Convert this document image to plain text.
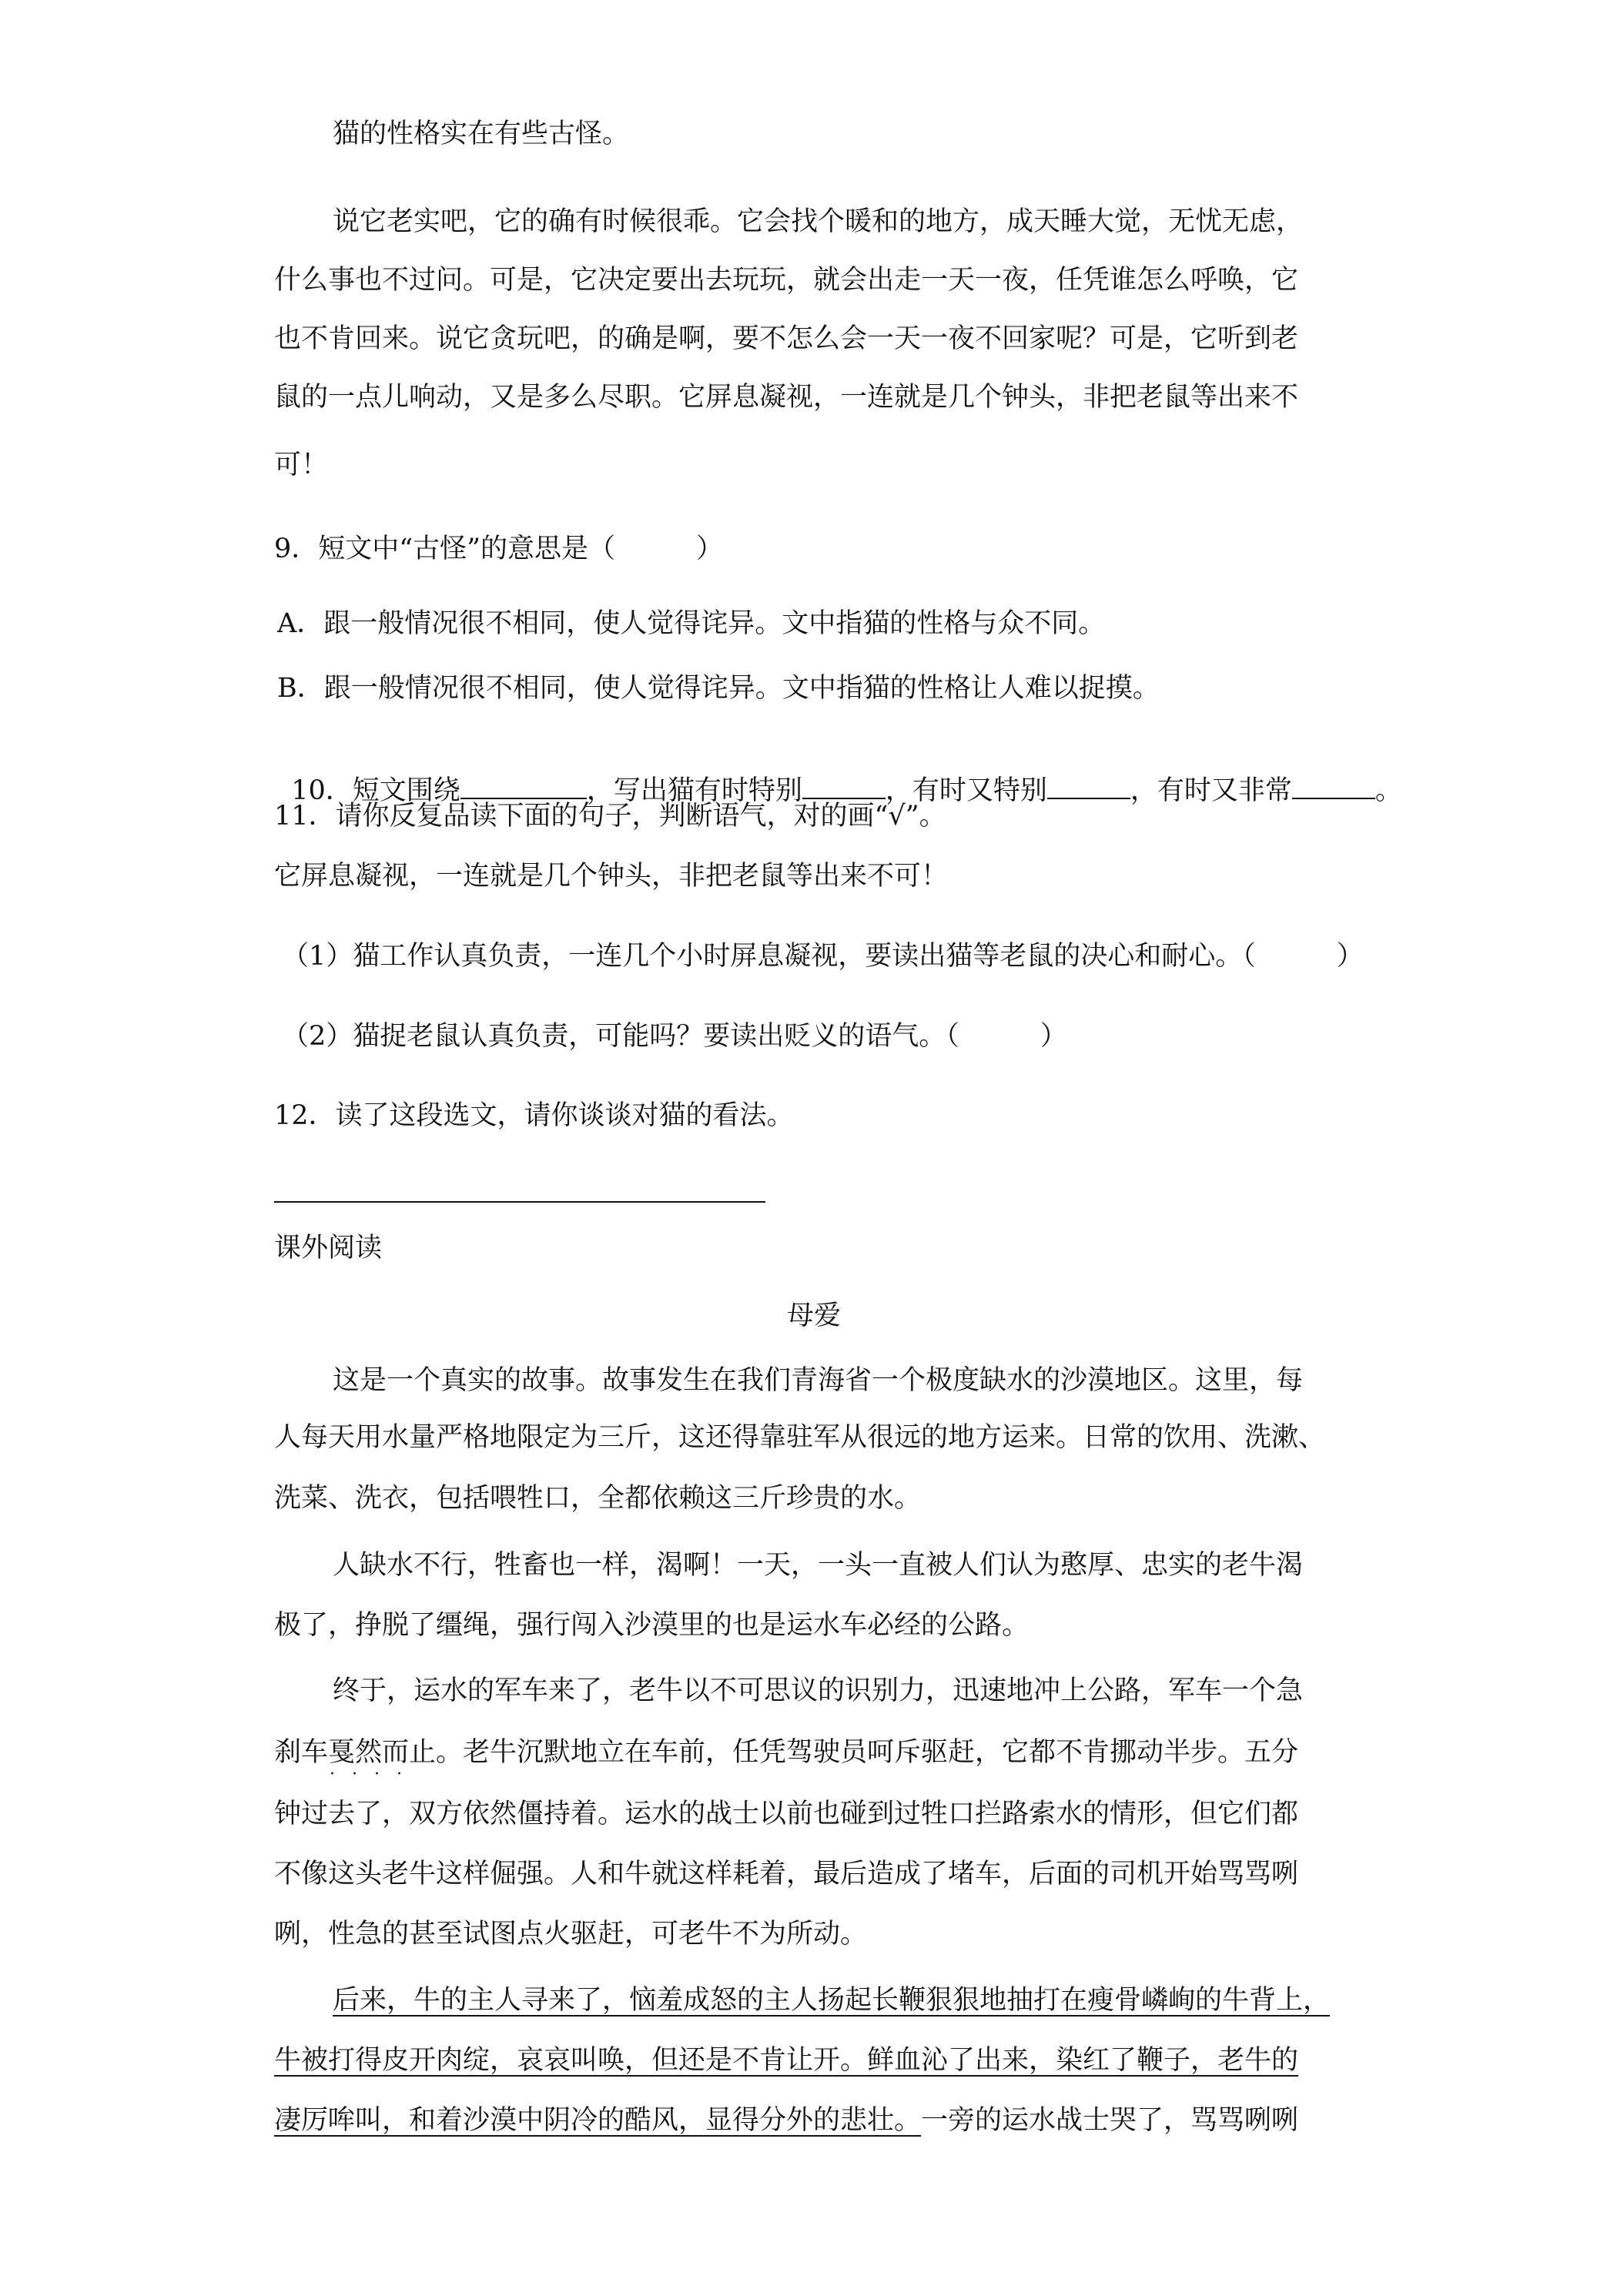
猫的性格实在有些古怪。
说它老实吧，它的确有时候很乖。它会找个暖和的地方，成天睡大觉，无忧无虑，
什么事也不过问。可是，它决定要出去玩玩，就会出走一天一夜，任凭谁怎么呼唤，它
也不肯回来。说它贪玩吧，的确是啊，要不怎么会一天一夜不回家呢？可是，它听到老
鼠的一点儿响动，又是多么尽职。它屏息凝视，一连就是几个钟头，非把老鼠等出来不
可！
9．短文中“古怪”的意思是（　　　）
A．跟一般情况很不相同，使人觉得诧异。文中指猫的性格与众不同。
B．跟一般情况很不相同，使人觉得诧异。文中指猫的性格让人难以捉摸。

10．短文围绕	，写出猫有时特别	，有时又特别	，有时又非常	。

11．请你反复品读下面的句子，判断语气，对的画“√”。
它屏息凝视，一连就是几个钟头，非把老鼠等出来不可！
（1）猫工作认真负责，一连几个小时屏息凝视，要读出猫等老鼠的决心和耐心。（　　　）
（2）猫捉老鼠认真负责，可能吗？要读出贬义的语气。（　　　）
12．读了这段选文，请你谈谈对猫的看法。
课外阅读
母爱
这是一个真实的故事。故事发生在我们青海省一个极度缺水的沙漠地区。这里，每
人每天用水量严格地限定为三斤，这还得靠驻军从很远的地方运来。日常的饮用、洗漱、
洗菜、洗衣，包括喂牲口，全都依赖这三斤珍贵的水。
人缺水不行，牲畜也一样，渴啊！一天，一头一直被人们认为憨厚、忠实的老牛渴
极了，挣脱了缰绳，强行闯入沙漠里的也是运水车必经的公路。
终于，运水的军车来了，老牛以不可思议的识别力，迅速地冲上公路，军车一个急
刹车戛然而止。老牛沉默地立在车前，任凭驾驶员呵斥驱赶，它都不肯挪动半步。五分
····
钟过去了，双方依然僵持着。运水的战士以前也碰到过牲口拦路索水的情形，但它们都
不像这头老牛这样倔强。人和牛就这样耗着，最后造成了堵车，后面的司机开始骂骂咧
咧，性急的甚至试图点火驱赶，可老牛不为所动。
后来，牛的主人寻来了，恼羞成怒的主人扬起长鞭狠狠地抽打在瘦骨嶙峋的牛背上，
牛被打得皮开肉绽，哀哀叫唤，但还是不肯让开。鲜血沁了出来，染红了鞭子，老牛的
凄厉哞叫，和着沙漠中阴冷的酷风，显得分外的悲壮。一旁的运水战士哭了，骂骂咧咧
